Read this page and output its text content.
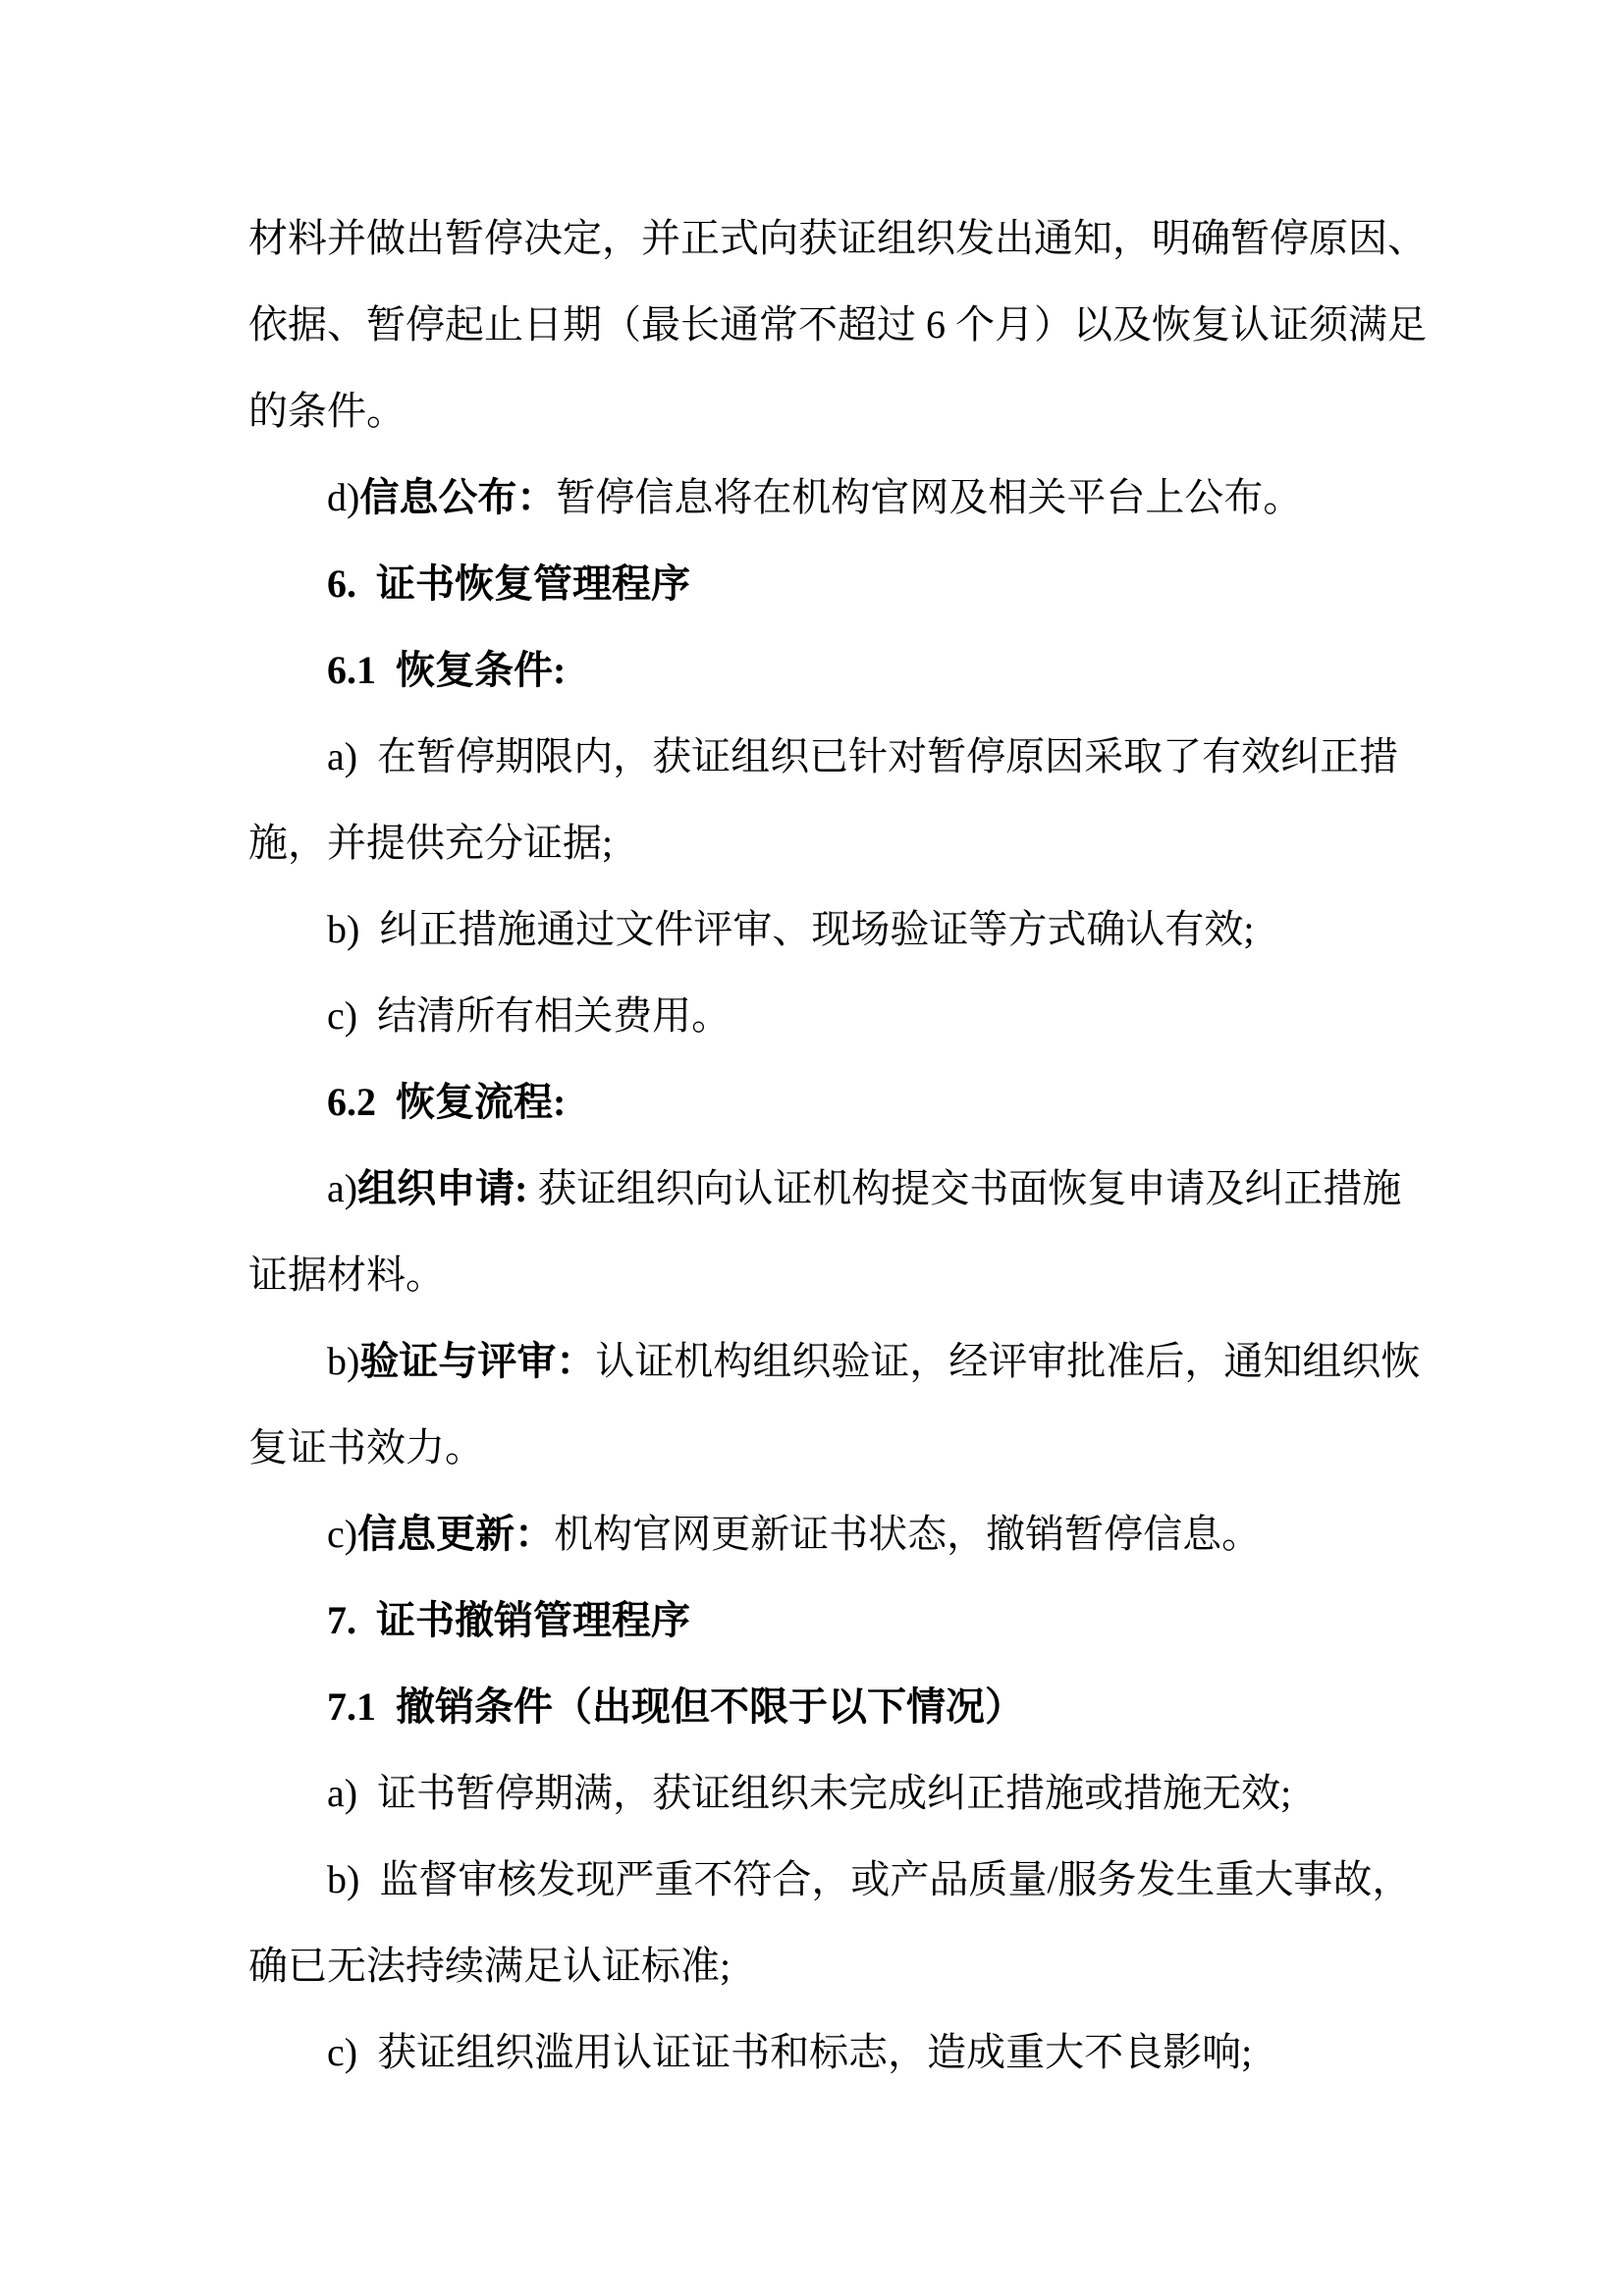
材料并做出暂停决定，并正式向获证组织发出通知，明确暂停原因、
依据、暂停起止日期（最长通常不超过 6 个月）以及恢复认证须满足
的条件。
d)信息公布：暂停信息将在机构官网及相关平台上公布。
6.  证书恢复管理程序
6.1  恢复条件:
a)  在暂停期限内，获证组织已针对暂停原因采取了有效纠正措
施，并提供充分证据;
b)  纠正措施通过文件评审、现场验证等方式确认有效;
c)  结清所有相关费用。
6.2  恢复流程:
a)组织申请: 获证组织向认证机构提交书面恢复申请及纠正措施
证据材料。
b)验证与评审：认证机构组织验证，经评审批准后，通知组织恢
复证书效力。
c)信息更新：机构官网更新证书状态，撤销暂停信息。
7.  证书撤销管理程序
7.1  撤销条件（出现但不限于以下情况）
a)  证书暂停期满，获证组织未完成纠正措施或措施无效;
b)  监督审核发现严重不符合，或产品质量/服务发生重大事故，
确已无法持续满足认证标准;
c)  获证组织滥用认证证书和标志，造成重大不良影响;
